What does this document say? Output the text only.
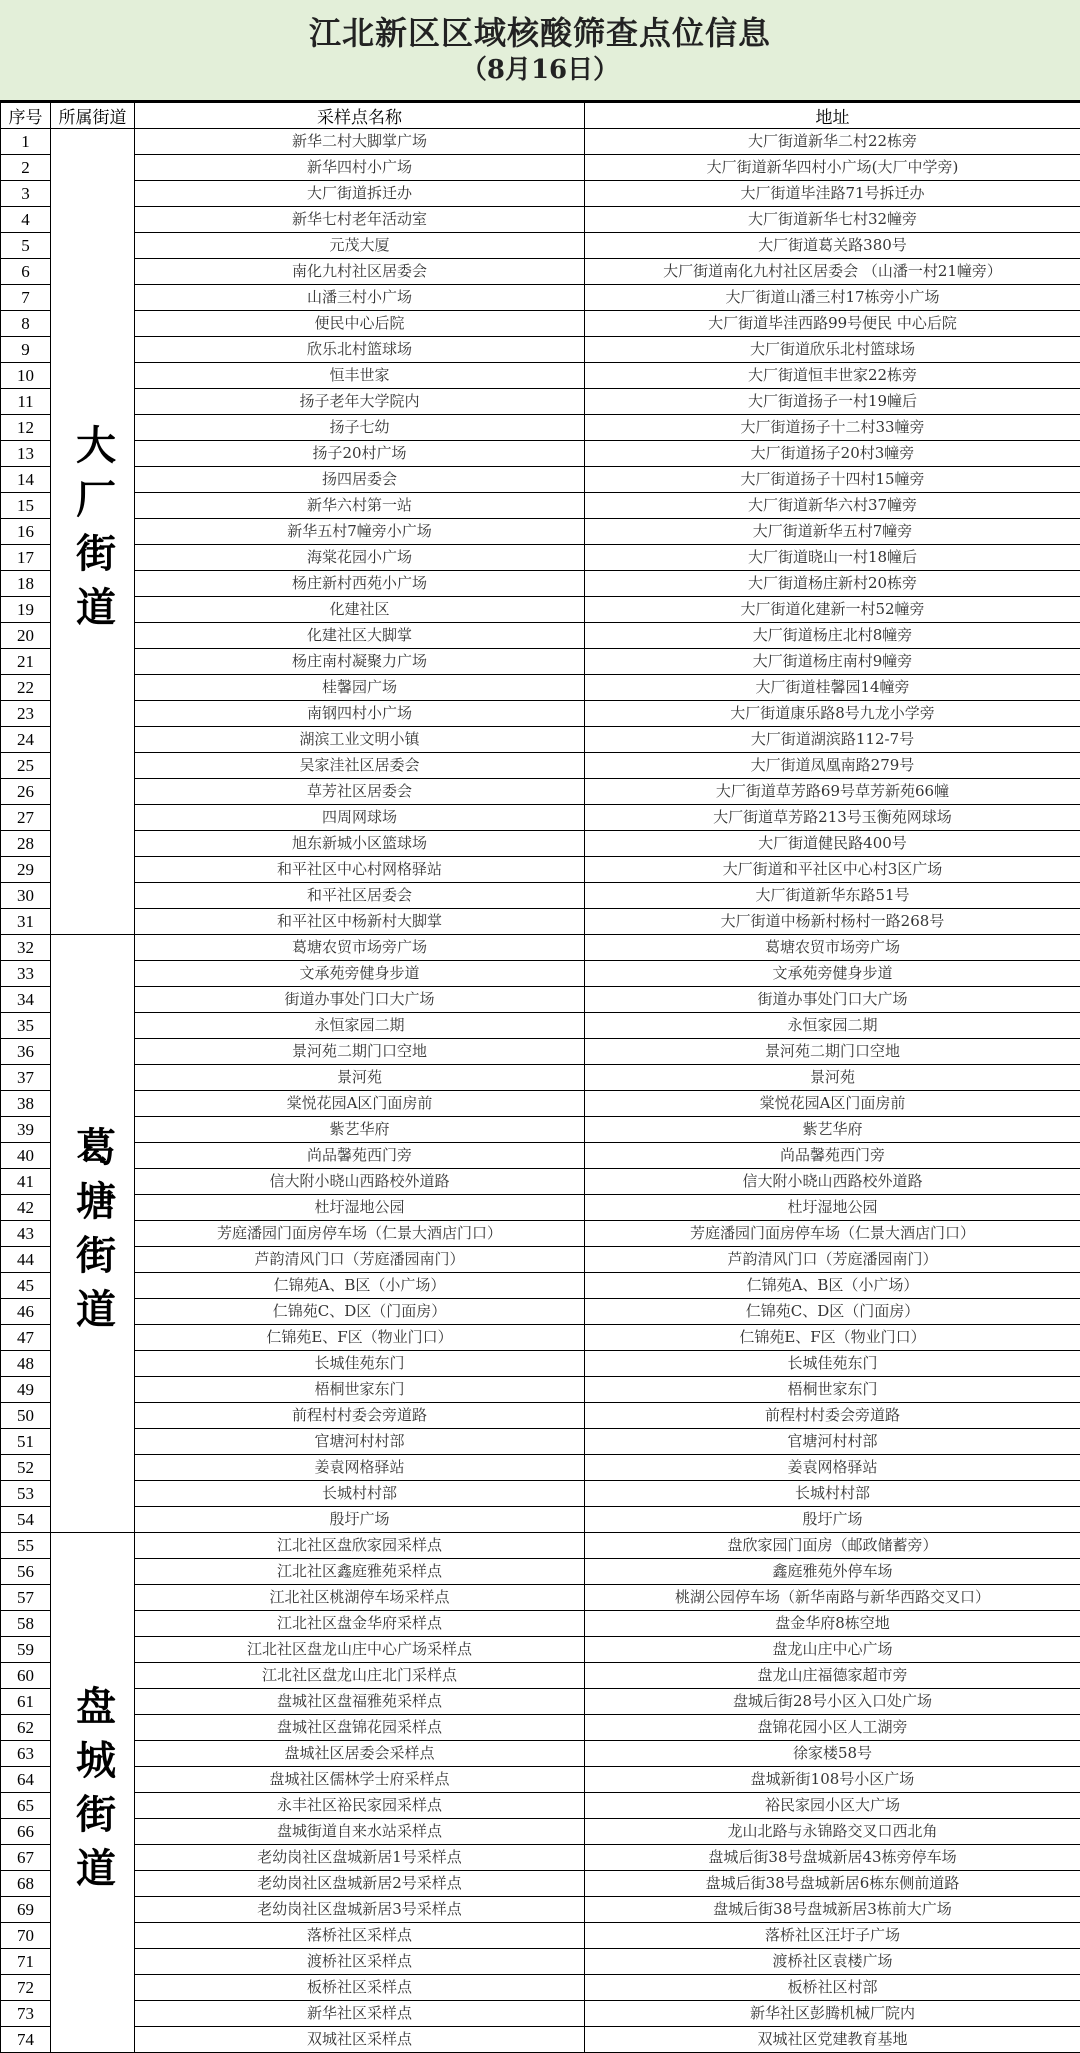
江北新区区域核酸筛查点位信息
（8月16日）
序号	所属街道	采样点名称	地址
1	大厂街道	新华二村大脚掌广场	大厂街道新华二村22栋旁
2		新华四村小广场	大厂街道新华四村小广场(大厂中学旁)
3		大厂街道拆迁办	大厂街道毕洼路71号拆迁办
4		新华七村老年活动室	大厂街道新华七村32幢旁
5		元茂大厦	大厂街道葛关路380号
6		南化九村社区居委会	大厂街道南化九村社区居委会 （山潘一村21幢旁）
7		山潘三村小广场	大厂街道山潘三村17栋旁小广场
8		便民中心后院	大厂街道毕洼西路99号便民 中心后院
9		欣乐北村篮球场	大厂街道欣乐北村篮球场
10		恒丰世家	大厂街道恒丰世家22栋旁
11		扬子老年大学院内	大厂街道扬子一村19幢后
12		扬子七幼	大厂街道扬子十二村33幢旁
13		扬子20村广场	大厂街道扬子20村3幢旁
14		扬四居委会	大厂街道扬子十四村15幢旁
15		新华六村第一站	大厂街道新华六村37幢旁
16		新华五村7幢旁小广场	大厂街道新华五村7幢旁
17		海棠花园小广场	大厂街道晓山一村18幢后
18		杨庄新村西苑小广场	大厂街道杨庄新村20栋旁
19		化建社区	大厂街道化建新一村52幢旁
20		化建社区大脚掌	大厂街道杨庄北村8幢旁
21		杨庄南村凝聚力广场	大厂街道杨庄南村9幢旁
22		桂馨园广场	大厂街道桂馨园14幢旁
23		南钢四村小广场	大厂街道康乐路8号九龙小学旁
24		湖滨工业文明小镇	大厂街道湖滨路112-7号
25		吴家洼社区居委会	大厂街道凤凰南路279号
26		草芳社区居委会	大厂街道草芳路69号草芳新苑66幢
27		四周网球场	大厂街道草芳路213号玉衡苑网球场
28		旭东新城小区篮球场	大厂街道健民路400号
29		和平社区中心村网格驿站	大厂街道和平社区中心村3区广场
30		和平社区居委会	大厂街道新华东路51号
31		和平社区中杨新村大脚掌	大厂街道中杨新村杨村一路268号
32	葛塘街道	葛塘农贸市场旁广场	葛塘农贸市场旁广场
33		文承苑旁健身步道	文承苑旁健身步道
34		街道办事处门口大广场	街道办事处门口大广场
35		永恒家园二期	永恒家园二期
36		景河苑二期门口空地	景河苑二期门口空地
37		景河苑	景河苑
38		棠悦花园A区门面房前	棠悦花园A区门面房前
39		紫艺华府	紫艺华府
40		尚品馨苑西门旁	尚品馨苑西门旁
41		信大附小晓山西路校外道路	信大附小晓山西路校外道路
42		杜圩湿地公园	杜圩湿地公园
43		芳庭潘园门面房停车场（仁景大酒店门口）	芳庭潘园门面房停车场（仁景大酒店门口）
44		芦韵清风门口（芳庭潘园南门）	芦韵清风门口（芳庭潘园南门）
45		仁锦苑A、B区（小广场）	仁锦苑A、B区（小广场）
46		仁锦苑C、D区（门面房）	仁锦苑C、D区（门面房）
47		仁锦苑E、F区（物业门口）	仁锦苑E、F区（物业门口）
48		长城佳苑东门	长城佳苑东门
49		梧桐世家东门	梧桐世家东门
50		前程村村委会旁道路	前程村村委会旁道路
51		官塘河村村部	官塘河村村部
52		姜袁网格驿站	姜袁网格驿站
53		长城村村部	长城村村部
54		殷圩广场	殷圩广场
55	盘城街道	江北社区盘欣家园采样点	盘欣家园门面房（邮政储蓄旁）
56		江北社区鑫庭雅苑采样点	鑫庭雅苑外停车场
57		江北社区桃湖停车场采样点	桃湖公园停车场（新华南路与新华西路交叉口）
58		江北社区盘金华府采样点	盘金华府8栋空地
59		江北社区盘龙山庄中心广场采样点	盘龙山庄中心广场
60		江北社区盘龙山庄北门采样点	盘龙山庄福德家超市旁
61		盘城社区盘福雅苑采样点	盘城后街28号小区入口处广场
62		盘城社区盘锦花园采样点	盘锦花园小区人工湖旁
63		盘城社区居委会采样点	徐家楼58号
64		盘城社区儒林学士府采样点	盘城新街108号小区广场
65		永丰社区裕民家园采样点	裕民家园小区大广场
66		盘城街道自来水站采样点	龙山北路与永锦路交叉口西北角
67		老幼岗社区盘城新居1号采样点	盘城后街38号盘城新居43栋旁停车场
68		老幼岗社区盘城新居2号采样点	盘城后街38号盘城新居6栋东侧前道路
69		老幼岗社区盘城新居3号采样点	盘城后街38号盘城新居3栋前大广场
70		落桥社区采样点	落桥社区汪圩子广场
71		渡桥社区采样点	渡桥社区袁楼广场
72		板桥社区采样点	板桥社区村部
73		新华社区采样点	新华社区彭腾机械厂院内
74		双城社区采样点	双城社区党建教育基地
